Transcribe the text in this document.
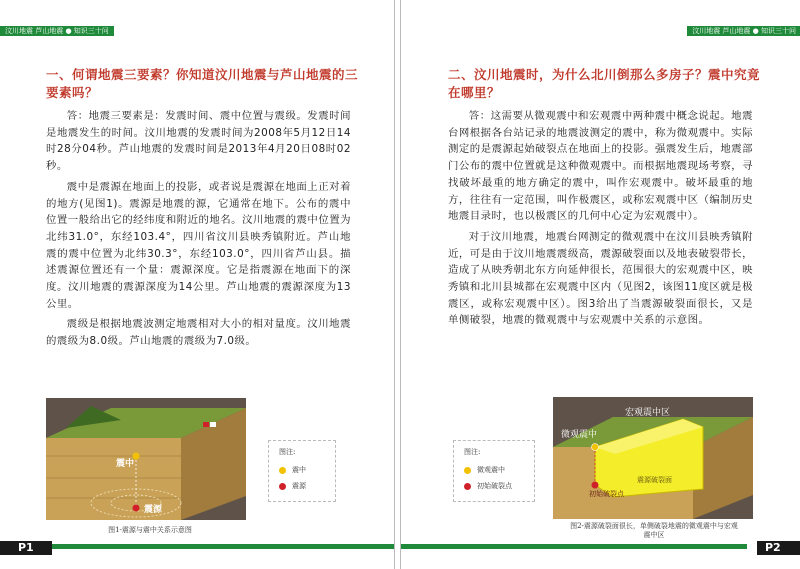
汶川地震 芦山地震 ● 知识三十问
一、何谓地震三要素？你知道汶川地震与芦山地震的三要素吗？

答：地震三要素是：发震时间、震中位置与震级。发震时间是地震发生的时间。汶川地震的发震时间为2008年5月12日14时28分04秒。芦山地震的发震时间是2013年4月20日08时02秒。

震中是震源在地面上的投影，或者说是震源在地面上正对着的地方(见图1)。震源是地震的源，它通常在地下。公布的震中位置一般给出它的经纬度和附近的地名。汶川地震的震中位置为北纬31.0°，东经103.4°，四川省汶川县映秀镇附近。芦山地震的震中位置为北纬30.3°，东经103.0°，四川省芦山县。描述震源位置还有一个量：震源深度。它是指震源在地面下的深度。汶川地震的震源深度为14公里。芦山地震的震源深度为13公里。

震级是根据地震波测定地震相对大小的相对量度。汶川地震的震级为8.0级。芦山地震的震级为7.0级。

震中
震源
图注:
震中
震源
图1-震源与震中关系示意图
P1
汶川地震 芦山地震 ● 知识三十问
二、汶川地震时，为什么北川倒那么多房子？震中究竟在哪里？

答：这需要从微观震中和宏观震中两种震中概念说起。地震台网根据各台站记录的地震波测定的震中，称为微观震中。实际测定的是震源起始破裂点在地面上的投影。强震发生后，地震部门公布的震中位置就是这种微观震中。而根据地震现场考察，寻找破坏最重的地方确定的震中，叫作宏观震中。破坏最重的地方，往往有一定范围，叫作极震区，或称宏观震中区（编制历史地震目录时，也以极震区的几何中心定为宏观震中）。

对于汶川地震，地震台网测定的微观震中在汶川县映秀镇附近，可是由于汶川地震震级高，震源破裂面以及地表破裂带长，造成了从映秀朝北东方向延伸很长，范围很大的宏观震中区，映秀镇和北川县城都在宏观震中区内（见图2，该图11度区就是极震区，或称宏观震中区）。图3给出了当震源破裂面很长，又是单侧破裂，地震的微观震中与宏观震中关系的示意图。

图注:
微观震中
初始破裂点
宏观震中区
微观震中
震源破裂面
初始破裂点
图2-震源破裂面很长，单侧破裂地震的微观震中与宏观震中区
P2
